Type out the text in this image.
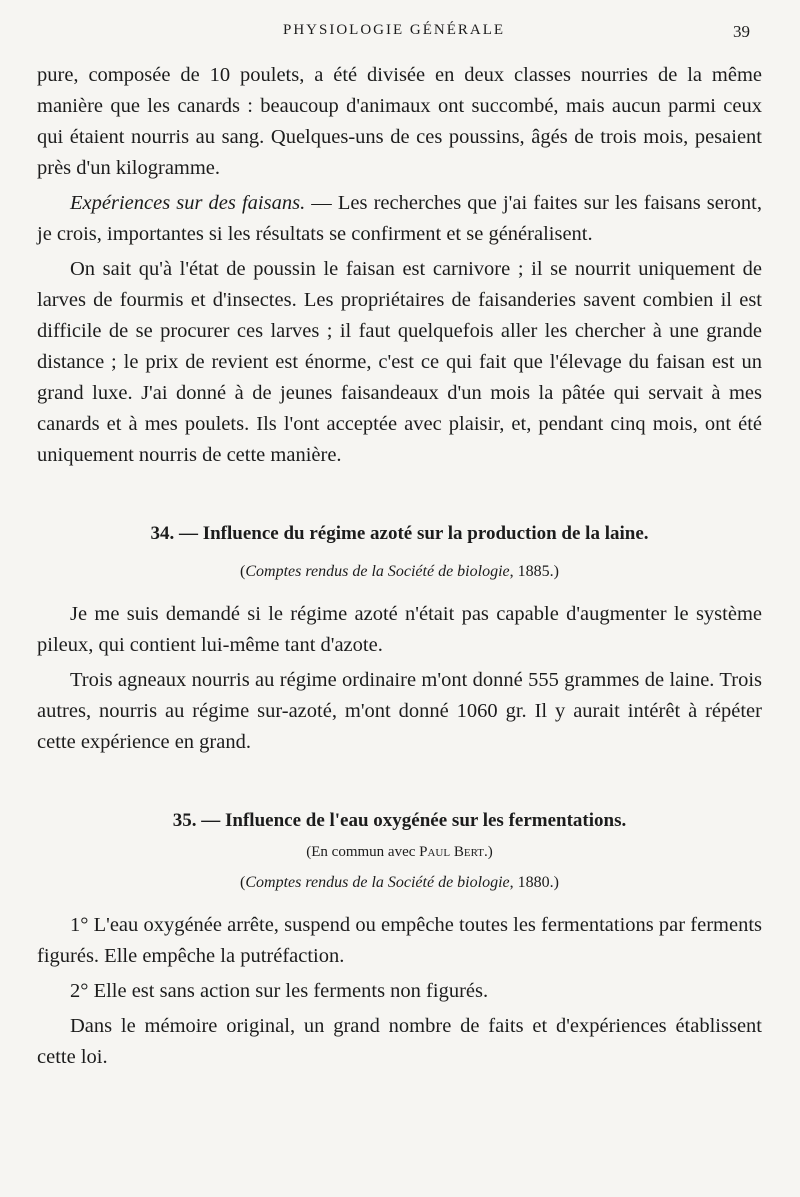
PHYSIOLOGIE GÉNÉRALE	39

pure, composée de 10 poulets, a été divisée en deux classes nourries de la même manière que les canards : beaucoup d'animaux ont succombé, mais aucun parmi ceux qui étaient nourris au sang. Quelques-uns de ces poussins, âgés de trois mois, pesaient près d'un kilogramme.

Expériences sur des faisans. — Les recherches que j'ai faites sur les faisans seront, je crois, importantes si les résultats se confirment et se généralisent.

On sait qu'à l'état de poussin le faisan est carnivore ; il se nourrit uniquement de larves de fourmis et d'insectes. Les propriétaires de faisanderies savent combien il est difficile de se procurer ces larves ; il faut quelquefois aller les chercher à une grande distance ; le prix de revient est énorme, c'est ce qui fait que l'élevage du faisan est un grand luxe. J'ai donné à de jeunes faisandeaux d'un mois la pâtée qui servait à mes canards et à mes poulets. Ils l'ont acceptée avec plaisir, et, pendant cinq mois, ont été uniquement nourris de cette manière.

34. — Influence du régime azoté sur la production de la laine.
(Comptes rendus de la Société de biologie, 1885.)

Je me suis demandé si le régime azoté n'était pas capable d'augmenter le système pileux, qui contient lui-même tant d'azote.

Trois agneaux nourris au régime ordinaire m'ont donné 555 grammes de laine. Trois autres, nourris au régime sur-azoté, m'ont donné 1060 gr. Il y aurait intérêt à répéter cette expérience en grand.

35. — Influence de l'eau oxygénée sur les fermentations.
(En commun avec Paul Bert.)
(Comptes rendus de la Société de biologie, 1880.)

1° L'eau oxygénée arrête, suspend ou empêche toutes les fermentations par ferments figurés. Elle empêche la putréfaction.

2° Elle est sans action sur les ferments non figurés.

Dans le mémoire original, un grand nombre de faits et d'expériences établissent cette loi.
